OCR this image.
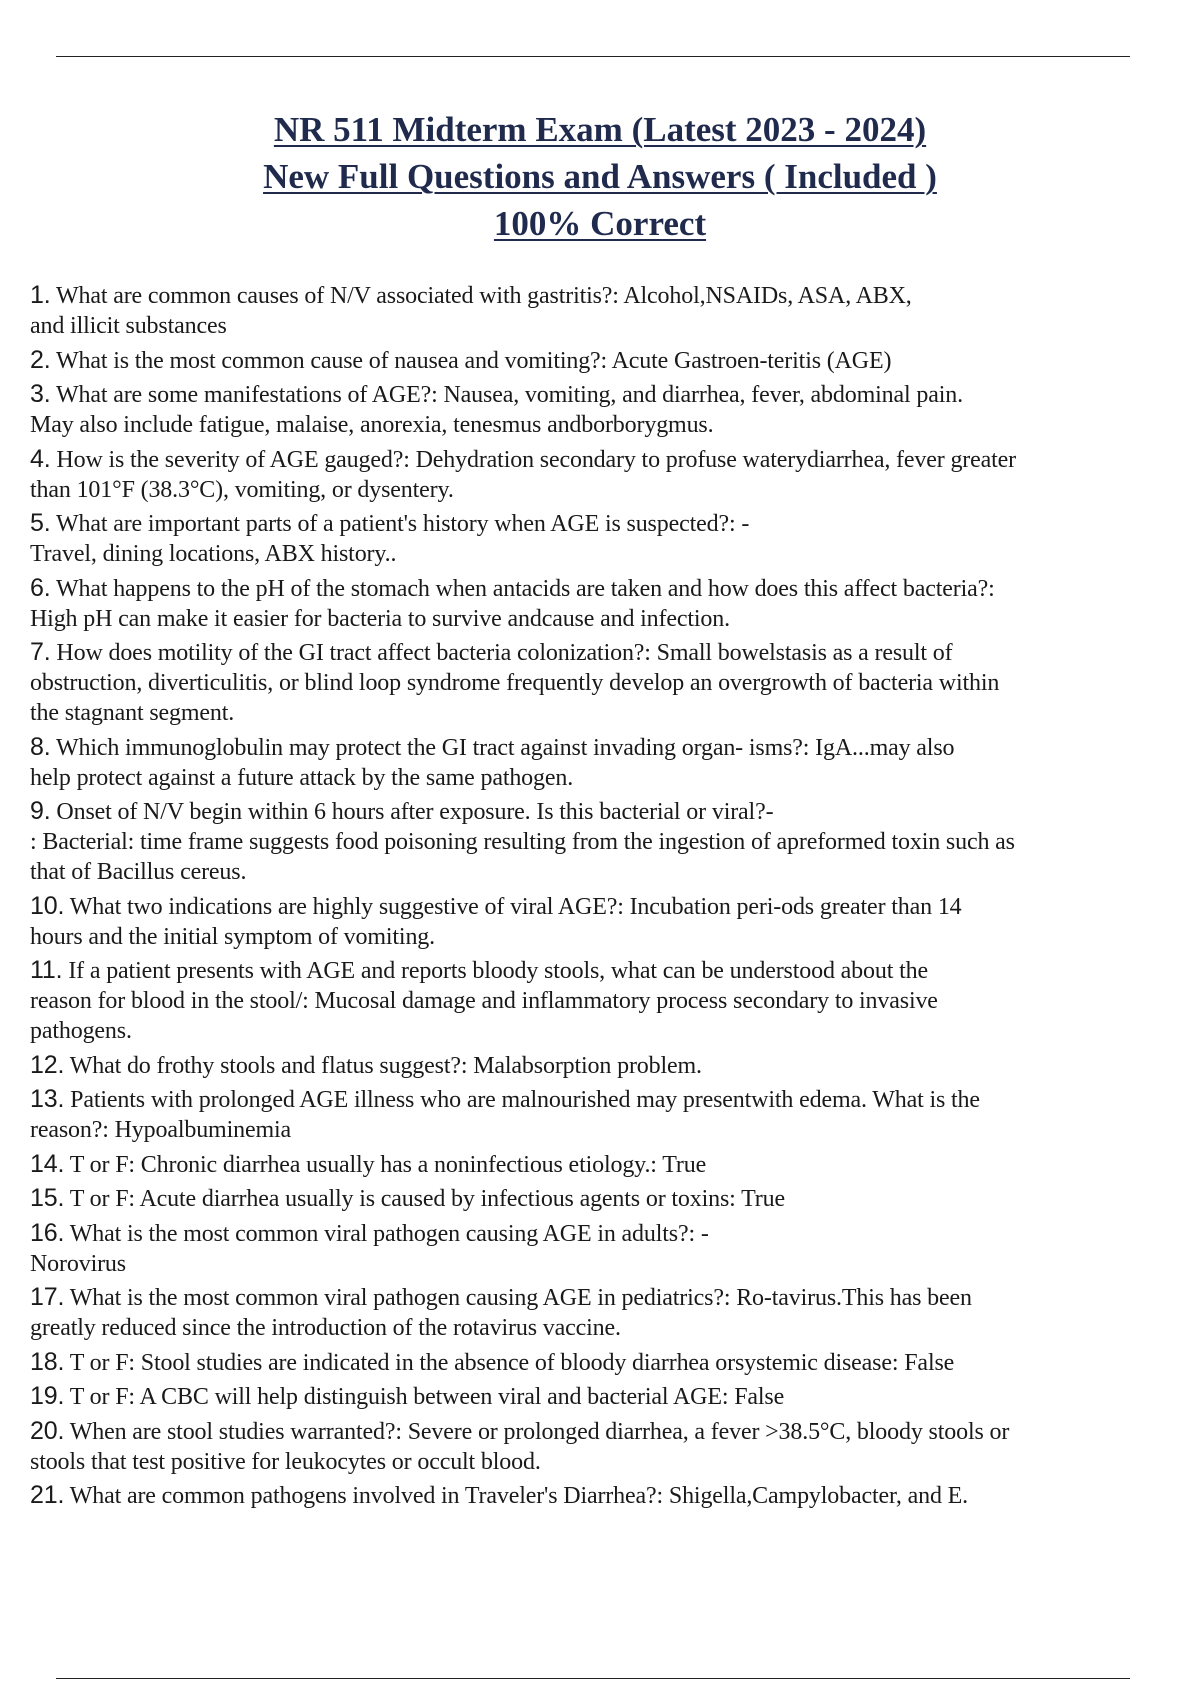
NR 511 Midterm Exam (Latest 2023 - 2024)
New Full Questions and Answers ( Included )
100% Correct
1. What are common causes of N/V associated with gastritis?: Alcohol,NSAIDs, ASA, ABX,
and illicit substances
2. What is the most common cause of nausea and vomiting?: Acute Gastroen-teritis (AGE)
3. What are some manifestations of AGE?: Nausea, vomiting, and diarrhea, fever, abdominal pain.
May also include fatigue, malaise, anorexia, tenesmus andborborygmus.
4. How is the severity of AGE gauged?: Dehydration secondary to profuse waterydiarrhea, fever greater
than 101°F (38.3°C), vomiting, or dysentery.
5. What are important parts of a patient's history when AGE is suspected?: -
Travel, dining locations, ABX history..
6. What happens to the pH of the stomach when antacids are taken and how does this affect bacteria?:
High pH can make it easier for bacteria to survive andcause and infection.
7. How does motility of the GI tract affect bacteria colonization?: Small bowelstasis as a result of
obstruction, diverticulitis, or blind loop syndrome frequently develop an overgrowth of bacteria within
the stagnant segment.
8. Which immunoglobulin may protect the GI tract against invading organ- isms?: IgA...may also
help protect against a future attack by the same pathogen.
9. Onset of N/V begin within 6 hours after exposure. Is this bacterial or viral?-
: Bacterial: time frame suggests food poisoning resulting from the ingestion of apreformed toxin such as
that of Bacillus cereus.
10. What two indications are highly suggestive of viral AGE?: Incubation peri-ods greater than 14
hours and the initial symptom of vomiting.
11. If a patient presents with AGE and reports bloody stools, what can be understood about the
reason for blood in the stool/: Mucosal damage and inflammatory process secondary to invasive
pathogens.
12. What do frothy stools and flatus suggest?: Malabsorption problem.
13. Patients with prolonged AGE illness who are malnourished may presentwith edema. What is the
reason?: Hypoalbuminemia
14. T or F: Chronic diarrhea usually has a noninfectious etiology.: True
15. T or F: Acute diarrhea usually is caused by infectious agents or toxins: True
16. What is the most common viral pathogen causing AGE in adults?: -
Norovirus
17. What is the most common viral pathogen causing AGE in pediatrics?: Ro-tavirus.This has been
greatly reduced since the introduction of the rotavirus vaccine.
18. T or F: Stool studies are indicated in the absence of bloody diarrhea orsystemic disease: False
19. T or F: A CBC will help distinguish between viral and bacterial AGE: False
20. When are stool studies warranted?: Severe or prolonged diarrhea, a fever >38.5°C, bloody stools or
stools that test positive for leukocytes or occult blood.
21. What are common pathogens involved in Traveler's Diarrhea?: Shigella,Campylobacter, and E.
